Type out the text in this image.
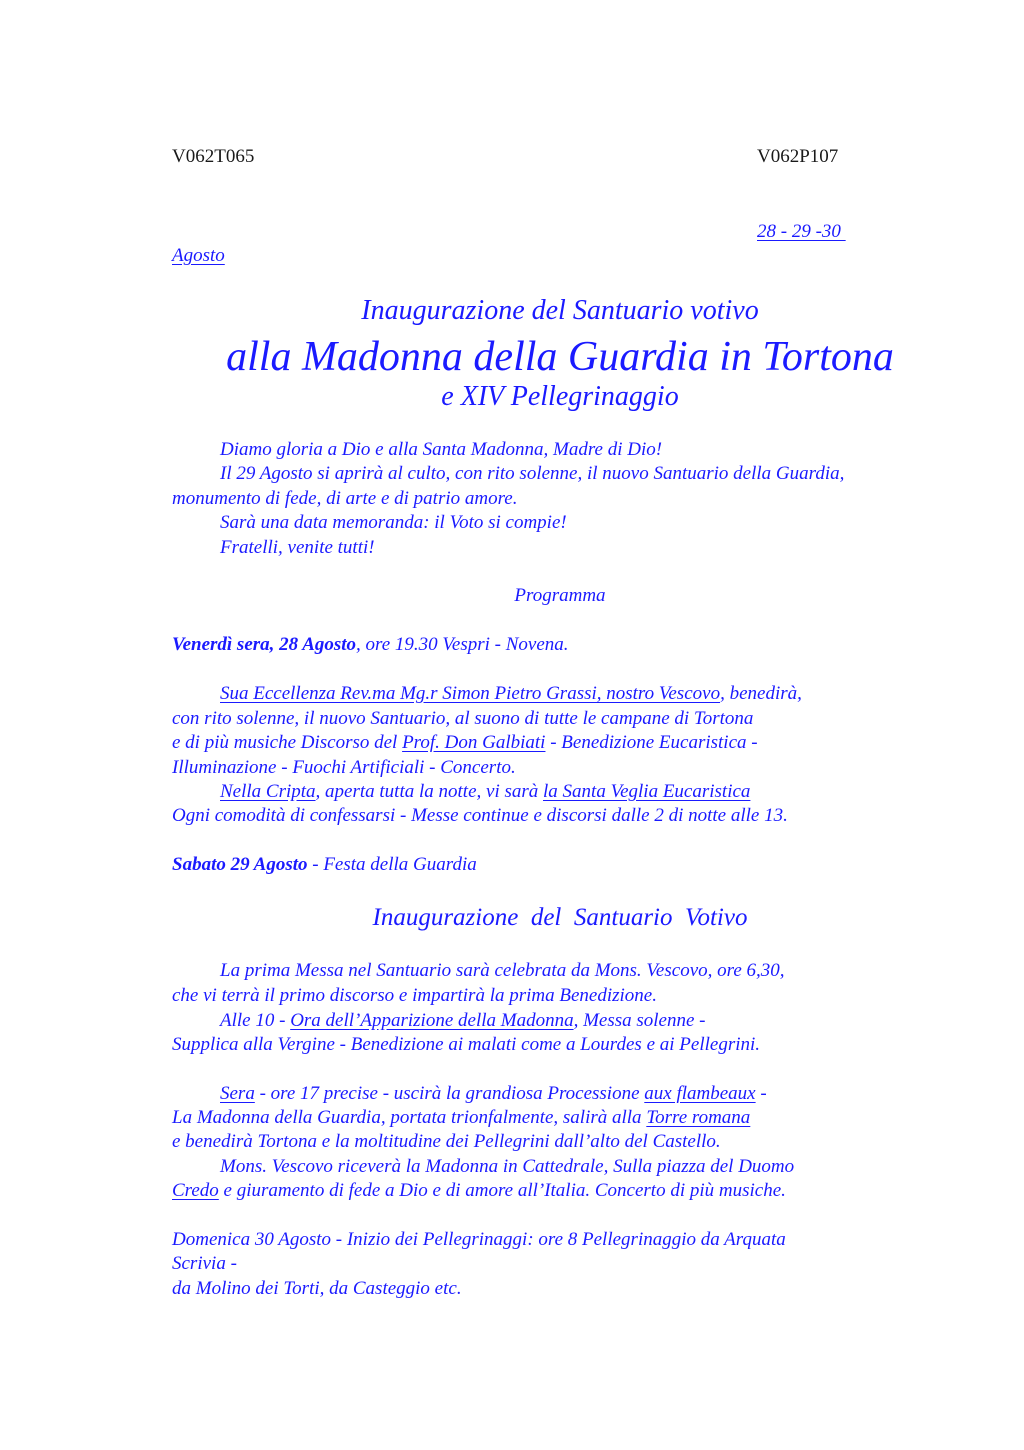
V062T065	V062P107
28 - 29 -30
Agosto
Inaugurazione del Santuario votivo
alla Madonna della Guardia in Tortona
e XIV Pellegrinaggio
Diamo gloria a Dio e alla Santa Madonna, Madre di Dio!
Il 29 Agosto si aprirà al culto, con rito solenne, il nuovo Santuario della Guardia,
monumento di fede, di arte e di patrio amore.
Sarà una data memoranda: il Voto si compie!
Fratelli, venite tutti!
Programma
Venerdì sera, 28 Agosto, ore 19.30 Vespri - Novena.
Sua Eccellenza Rev.ma Mg.r Simon Pietro Grassi, nostro Vescovo, benedirà,
con rito solenne, il nuovo Santuario, al suono di tutte le campane di Tortona
e di più musiche Discorso del Prof. Don Galbiati - Benedizione Eucaristica -
Illuminazione - Fuochi Artificiali - Concerto.
Nella Cripta, aperta tutta la notte, vi sarà la Santa Veglia Eucaristica
Ogni comodità di confessarsi - Messe continue e discorsi dalle 2 di notte alle 13.
Sabato 29 Agosto - Festa della Guardia
Inaugurazione  del  Santuario  Votivo
La prima Messa nel Santuario sarà celebrata da Mons. Vescovo, ore 6,30,
che vi terrà il primo discorso e impartirà la prima Benedizione.
Alle 10 - Ora dell’Apparizione della Madonna, Messa solenne -
Supplica alla Vergine - Benedizione ai malati come a Lourdes e ai Pellegrini.
Sera - ore 17 precise - uscirà la grandiosa Processione aux flambeaux -
La Madonna della Guardia, portata trionfalmente, salirà alla Torre romana
e benedirà Tortona e la moltitudine dei Pellegrini dall’alto del Castello.
Mons. Vescovo riceverà la Madonna in Cattedrale, Sulla piazza del Duomo
Credo e giuramento di fede a Dio e di amore all’Italia. Concerto di più musiche.
Domenica 30 Agosto - Inizio dei Pellegrinaggi: ore 8 Pellegrinaggio da Arquata
Scrivia -
da Molino dei Torti, da Casteggio etc.
